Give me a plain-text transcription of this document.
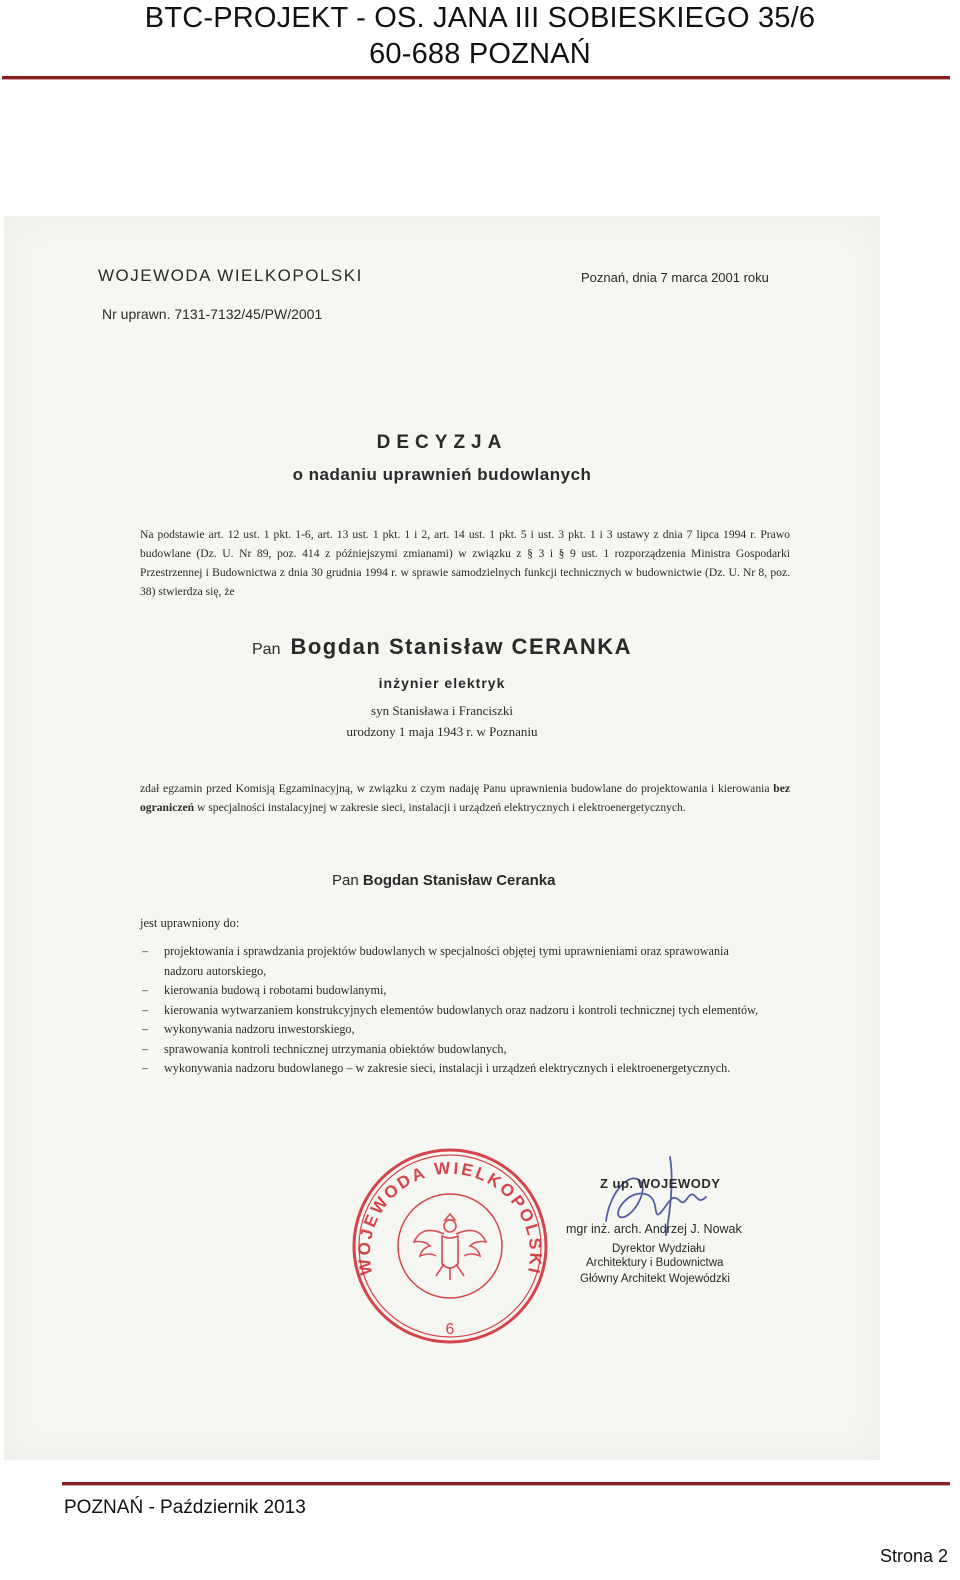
BTC-PROJEKT - OS. JANA III SOBIESKIEGO 35/6
60-688 POZNAŃ
WOJEWODA WIELKOPOLSKI	Poznań, dnia 7 marca 2001 roku
Nr uprawn. 7131-7132/45/PW/2001
DECYZJA
o nadaniu uprawnień budowlanych
Na podstawie art. 12 ust. 1 pkt. 1-6, art. 13 ust. 1 pkt. 1 i 2, art. 14 ust. 1 pkt. 5 i ust. 3 pkt. 1 i 3 ustawy z dnia 7 lipca 1994 r. Prawo budowlane (Dz. U. Nr 89, poz. 414 z późniejszymi zmianami) w związku z § 3 i § 9 ust. 1 rozporządzenia Ministra Gospodarki Przestrzennej i Budownictwa z dnia 30 grudnia 1994 r. w sprawie samodzielnych funkcji technicznych w budownictwie (Dz. U. Nr 8, poz. 38) stwierdza się, że
Pan Bogdan Stanisław CERANKA
inżynier elektryk
syn Stanisława i Franciszki
urodzony 1 maja 1943 r. w Poznaniu
zdał egzamin przed Komisją Egzaminacyjną, w związku z czym nadaję Panu uprawnienia budowlane do projektowania i kierowania bez ograniczeń w specjalności instalacyjnej w zakresie sieci, instalacji i urządzeń elektrycznych i elektroenergetycznych.
Pan Bogdan Stanisław Ceranka
jest uprawniony do:
– projektowania i sprawdzania projektów budowlanych w specjalności objętej tymi uprawnieniami oraz sprawowania nadzoru autorskiego,
– kierowania budową i robotami budowlanymi,
– kierowania wytwarzaniem konstrukcyjnych elementów budowlanych oraz nadzoru i kontroli technicznej tych elementów,
– wykonywania nadzoru inwestorskiego,
– sprawowania kontroli technicznej utrzymania obiektów budowlanych,
– wykonywania nadzoru budowlanego – w zakresie sieci, instalacji i urządzeń elektrycznych i elektroenergetycznych.
WOJEWODA WIELKOPOLSKI
6
Z up. WOJEWODY
mgr inż. arch. Andrzej J. Nowak
Dyrektor Wydziału
Architektury i Budownictwa
Główny Architekt Wojewódzki
POZNAŃ - Październik 2013
Strona 2
